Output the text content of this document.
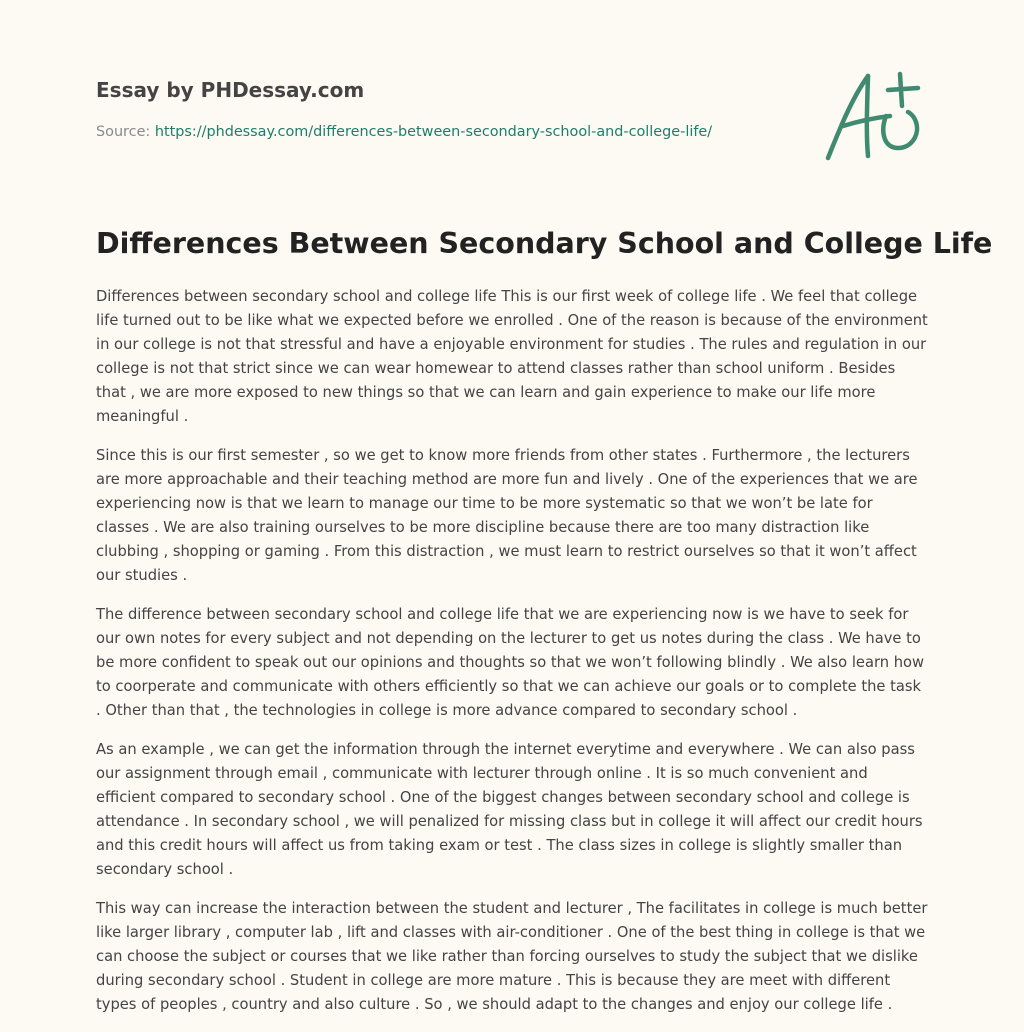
Essay by PHDessay.com

Source: https://phdessay.com/differences-between-secondary-school-and-college-life/
Differences Between Secondary School and College Life

Differences between secondary school and college life This is our first week of college life . We feel that college life turned out to be like what we expected before we enrolled . One of the reason is because of the environment in our college is not that stressful and have a enjoyable environment for studies . The rules and regulation in our college is not that strict since we can wear homewear to attend classes rather than school uniform . Besides that , we are more exposed to new things so that we can learn and gain experience to make our life more meaningful .

Since this is our first semester , so we get to know more friends from other states . Furthermore , the lecturers are more approachable and their teaching method are more fun and lively . One of the experiences that we are experiencing now is that we learn to manage our time to be more systematic so that we won’t be late for classes . We are also training ourselves to be more discipline because there are too many distraction like clubbing , shopping or gaming . From this distraction , we must learn to restrict ourselves so that it won’t affect our studies .

The difference between secondary school and college life that we are experiencing now is we have to seek for our own notes for every subject and not depending on the lecturer to get us notes during the class . We have to be more confident to speak out our opinions and thoughts so that we won’t following blindly . We also learn how to coorperate and communicate with others efficiently so that we can achieve our goals or to complete the task . Other than that , the technologies in college is more advance compared to secondary school .

As an example , we can get the information through the internet everytime and everywhere . We can also pass our assignment through email , communicate with lecturer through online . It is so much convenient and efficient compared to secondary school . One of the biggest changes between secondary school and college is attendance . In secondary school , we will penalized for missing class but in college it will affect our credit hours and this credit hours will affect us from taking exam or test . The class sizes in college is slightly smaller than secondary school .

This way can increase the interaction between the student and lecturer , The facilitates in college is much better like larger library , computer lab , lift and classes with air-conditioner . One of the best thing in college is that we can choose the subject or courses that we like rather than forcing ourselves to study the subject that we dislike during secondary school . Student in college are more mature . This is because they are meet with different types of peoples , country and also culture . So , we should adapt to the changes and enjoy our college life .
